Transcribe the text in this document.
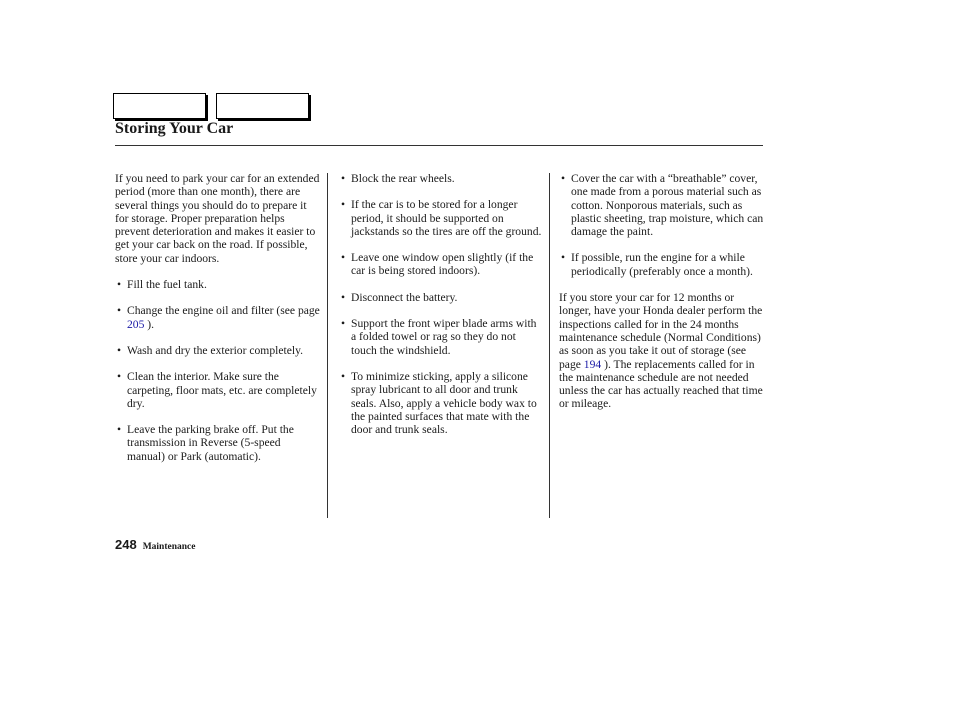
Storing Your Car

If you need to park your car for an extended period (more than one month), there are several things you should do to prepare it for storage. Proper preparation helps prevent deterioration and makes it easier to get your car back on the road. If possible, store your car indoors.

• Fill the fuel tank.
• Change the engine oil and filter (see page 205 ).
• Wash and dry the exterior completely.
• Clean the interior. Make sure the carpeting, floor mats, etc. are completely dry.
• Leave the parking brake off. Put the transmission in Reverse (5-speed manual) or Park (automatic).
• Block the rear wheels.
• If the car is to be stored for a longer period, it should be supported on jackstands so the tires are off the ground.
• Leave one window open slightly (if the car is being stored indoors).
• Disconnect the battery.
• Support the front wiper blade arms with a folded towel or rag so they do not touch the windshield.
• To minimize sticking, apply a silicone spray lubricant to all door and trunk seals. Also, apply a vehicle body wax to the painted surfaces that mate with the door and trunk seals.
• Cover the car with a “breathable” cover, one made from a porous material such as cotton. Nonporous materials, such as plastic sheeting, trap moisture, which can damage the paint.
• If possible, run the engine for a while periodically (preferably once a month).

If you store your car for 12 months or longer, have your Honda dealer perform the inspections called for in the 24 months maintenance schedule (Normal Conditions) as soon as you take it out of storage (see page 194 ). The replacements called for in the maintenance schedule are not needed unless the car has actually reached that time or mileage.

248 Maintenance
